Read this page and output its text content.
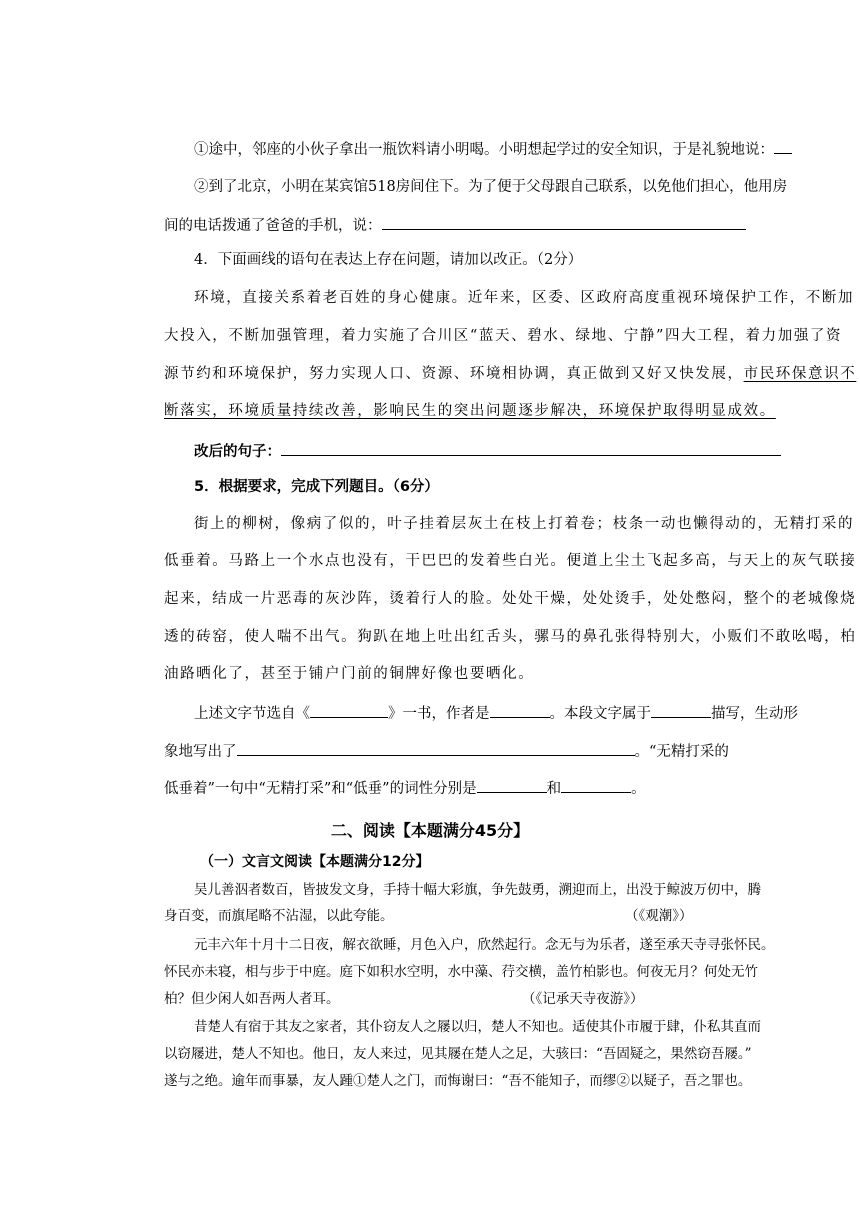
①途中，邻座的小伙子拿出一瓶饮料请小明喝。小明想起学过的安全知识，于是礼貌地说：
②到了北京，小明在某宾馆518房间住下。为了便于父母跟自己联系，以免他们担心，他用房
间的电话拨通了爸爸的手机，说：
4．下面画线的语句在表达上存在问题，请加以改正。（2分）
环境，直接关系着老百姓的身心健康。近年来，区委、区政府高度重视环境保护工作，不断加
大投入，不断加强管理，着力实施了合川区“蓝天、碧水、绿地、宁静”四大工程，着力加强了资
源节约和环境保护，努力实现人口、资源、环境相协调，真正做到又好又快发展，市民环保意识不
断落实，环境质量持续改善，影响民生的突出问题逐步解决，环境保护取得明显成效。
改后的句子：
5．根据要求，完成下列题目。（6分）
街上的柳树，像病了似的，叶子挂着层灰土在枝上打着卷；枝条一动也懒得动的，无精打采的
低垂着。马路上一个水点也没有，干巴巴的发着些白光。便道上尘土飞起多高，与天上的灰气联接
起来，结成一片恶毒的灰沙阵，烫着行人的脸。处处干燥，处处烫手，处处憋闷，整个的老城像烧
透的砖窑，使人喘不出气。狗趴在地上吐出红舌头，骡马的鼻孔张得特别大，小贩们不敢吆喝，柏
油路晒化了，甚至于铺户门前的铜牌好像也要晒化。
上述文字节选自《	》一书，作者是	。本段文字属于	描写，生动形
象地写出了	。“无精打采的
低垂着”一句中“无精打采”和“低垂”的词性分别是	和	。
二、阅读【本题满分45分】
（一）文言文阅读【本题满分12分】
吴儿善泅者数百，皆披发文身，手持十幅大彩旗，争先鼓勇，溯迎而上，出没于鲸波万仞中，腾
身百变，而旗尾略不沾湿，以此夸能。	（《观潮》）
元丰六年十月十二日夜，解衣欲睡，月色入户，欣然起行。念无与为乐者，遂至承天寺寻张怀民。
怀民亦未寝，相与步于中庭。庭下如积水空明，水中藻、荇交横，盖竹柏影也。何夜无月？何处无竹
柏？但少闲人如吾两人者耳。	（《记承天寺夜游》）
昔楚人有宿于其友之家者，其仆窃友人之屦以归，楚人不知也。适使其仆市履于肆，仆私其直而
以窃屦进，楚人不知也。他日，友人来过，见其屦在楚人之足，大骇曰：“吾固疑之，果然窃吾屦。”
遂与之绝。逾年而事暴，友人踵①楚人之门，而悔谢曰：“吾不能知子，而缪②以疑子，吾之罪也。
